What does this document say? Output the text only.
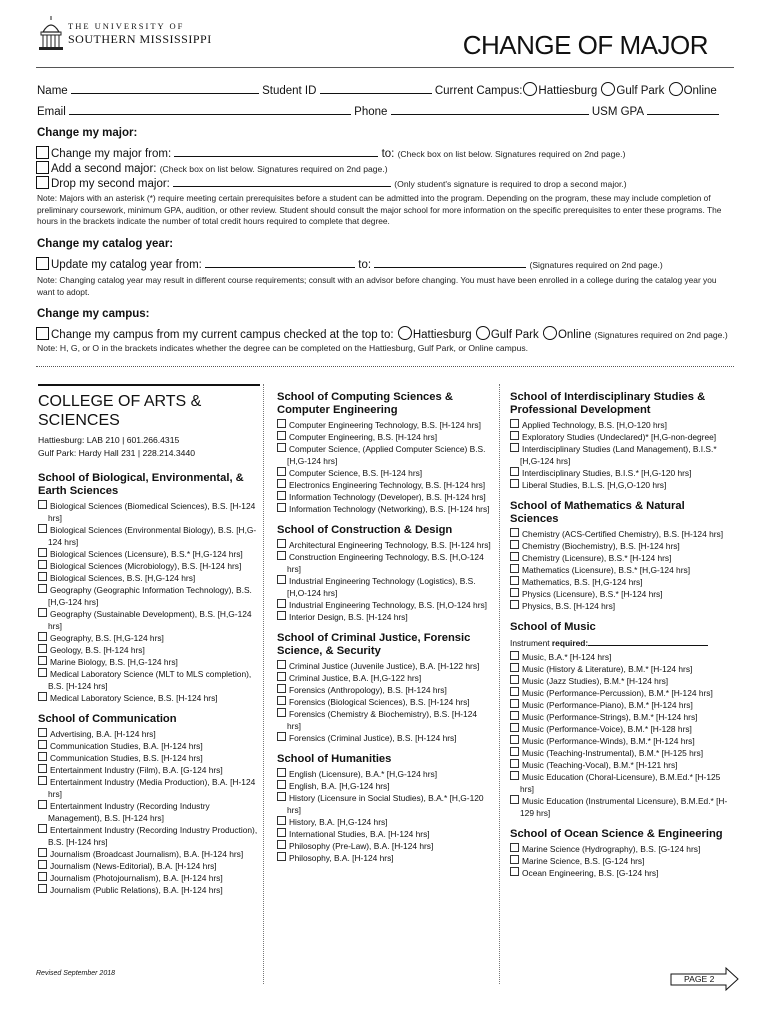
THE UNIVERSITY OF
SOUTHERN MISSISSIPPI	CHANGE OF MAJOR
Name	Student ID	Current Campus: Hattiesburg Gulf Park Online
Email	Phone	USM GPA
Change my major:
Change my major from:	to: (Check box on list below. Signatures required on 2nd page.)
Add a second major: (Check box on list below. Signatures required on 2nd page.)
Drop my second major:	(Only student's signature is required to drop a second major.)
Note: Majors with an asterisk (*) require meeting certain prerequisites before a student can be admitted into the program. Depending on the program, these may include completion of preliminary coursework, minimum GPA, audition, or other review. Student should consult the major school for more information on the specific prerequisites to enter these programs. The hours in the brackets indicate the number of total credit hours required to complete that degree.
Change my catalog year:
Update my catalog year from:	to:	(Signatures required on 2nd page.)
Note: Changing catalog year may result in different course requirements; consult with an advisor before changing. You must have been enrolled in a college during the catalog year you want to adopt.
Change my campus:
Change my campus from my current campus checked at the top to: Hattiesburg Gulf Park Online (Signatures required on 2nd page.)
Note: H, G, or O in the brackets indicates whether the degree can be completed on the Hattiesburg, Gulf Park, or Online campus.
COLLEGE OF ARTS & SCIENCES
Hattiesburg: LAB 210 | 601.266.4315
Gulf Park: Hardy Hall 231 | 228.214.3440
School of Biological, Environmental, & Earth Sciences
Biological Sciences (Biomedical Sciences), B.S. [H-124 hrs]
Biological Sciences (Environmental Biology), B.S. [H,G-124 hrs]
Biological Sciences (Licensure), B.S.* [H,G-124 hrs]
Biological Sciences (Microbiology), B.S. [H-124 hrs]
Biological Sciences, B.S. [H,G-124 hrs]
Geography (Geographic Information Technology), B.S. [H,G-124 hrs]
Geography (Sustainable Development), B.S. [H,G-124 hrs]
Geography, B.S. [H,G-124 hrs]
Geology, B.S. [H-124 hrs]
Marine Biology, B.S. [H,G-124 hrs]
Medical Laboratory Science (MLT to MLS completion), B.S. [H-124 hrs]
Medical Laboratory Science, B.S. [H-124 hrs]
School of Communication
Advertising, B.A. [H-124 hrs]
Communication Studies, B.A. [H-124 hrs]
Communication Studies, B.S. [H-124 hrs]
Entertainment Industry (Film), B.A. [G-124 hrs]
Entertainment Industry (Media Production), B.A. [H-124 hrs]
Entertainment Industry (Recording Industry Management), B.S. [H-124 hrs]
Entertainment Industry (Recording Industry Production), B.S. [H-124 hrs]
Journalism (Broadcast Journalism), B.A. [H-124 hrs]
Journalism (News-Editorial), B.A. [H-124 hrs]
Journalism (Photojournalism), B.A. [H-124 hrs]
Journalism (Public Relations), B.A. [H-124 hrs]
School of Computing Sciences & Computer Engineering
Computer Engineering Technology, B.S. [H-124 hrs]
Computer Engineering, B.S. [H-124 hrs]
Computer Science, (Applied Computer Science) B.S. [H,G-124 hrs]
Computer Science, B.S. [H-124 hrs]
Electronics Engineering Technology, B.S. [H-124 hrs]
Information Technology (Developer), B.S. [H-124 hrs]
Information Technology (Networking), B.S. [H-124 hrs]
School of Construction & Design
Architectural Engineering Technology, B.S. [H-124 hrs]
Construction Engineering Technology, B.S. [H,O-124 hrs]
Industrial Engineering Technology (Logistics), B.S. [H,O-124 hrs]
Industrial Engineering Technology, B.S. [H,O-124 hrs]
Interior Design, B.S. [H-124 hrs]
School of Criminal Justice, Forensic Science, & Security
Criminal Justice (Juvenile Justice), B.A. [H-122 hrs]
Criminal Justice, B.A. [H,G-122 hrs]
Forensics (Anthropology), B.S. [H-124 hrs]
Forensics (Biological Sciences), B.S. [H-124 hrs]
Forensics (Chemistry & Biochemistry), B.S. [H-124 hrs]
Forensics (Criminal Justice), B.S. [H-124 hrs]
School of Humanities
English (Licensure), B.A.* [H,G-124 hrs]
English, B.A. [H,G-124 hrs]
History (Licensure in Social Studies), B.A.* [H,G-120 hrs]
History, B.A. [H,G-124 hrs]
International Studies, B.A. [H-124 hrs]
Philosophy (Pre-Law), B.A. [H-124 hrs]
Philosophy, B.A. [H-124 hrs]
School of Interdisciplinary Studies & Professional Development
Applied Technology, B.S. [H,O-120 hrs]
Exploratory Studies (Undeclared)* [H,G-non-degree]
Interdisciplinary Studies (Land Management), B.I.S.* [H,G-124 hrs]
Interdisciplinary Studies, B.I.S.* [H,G-120 hrs]
Liberal Studies, B.L.S. [H,G,O-120 hrs]
School of Mathematics & Natural Sciences
Chemistry (ACS-Certified Chemistry), B.S. [H-124 hrs]
Chemistry (Biochemistry), B.S. [H-124 hrs]
Chemistry (Licensure), B.S.* [H-124 hrs]
Mathematics (Licensure), B.S.* [H,G-124 hrs]
Mathematics, B.S. [H,G-124 hrs]
Physics (Licensure), B.S.* [H-124 hrs]
Physics, B.S. [H-124 hrs]
School of Music
Instrument required:
Music, B.A.* [H-124 hrs]
Music (History & Literature), B.M.* [H-124 hrs]
Music (Jazz Studies), B.M.* [H-124 hrs]
Music (Performance-Percussion), B.M.* [H-124 hrs]
Music (Performance-Piano), B.M.* [H-124 hrs]
Music (Performance-Strings), B.M.* [H-124 hrs]
Music (Performance-Voice), B.M.* [H-128 hrs]
Music (Performance-Winds), B.M.* [H-124 hrs]
Music (Teaching-Instrumental), B.M.* [H-125 hrs]
Music (Teaching-Vocal), B.M.* [H-121 hrs]
Music Education (Choral-Licensure), B.M.Ed.* [H-125 hrs]
Music Education (Instrumental Licensure), B.M.Ed.* [H-129 hrs]
School of Ocean Science & Engineering
Marine Science (Hydrography), B.S. [G-124 hrs]
Marine Science, B.S. [G-124 hrs]
Ocean Engineering, B.S. [G-124 hrs]
Revised September 2018
PAGE 2
